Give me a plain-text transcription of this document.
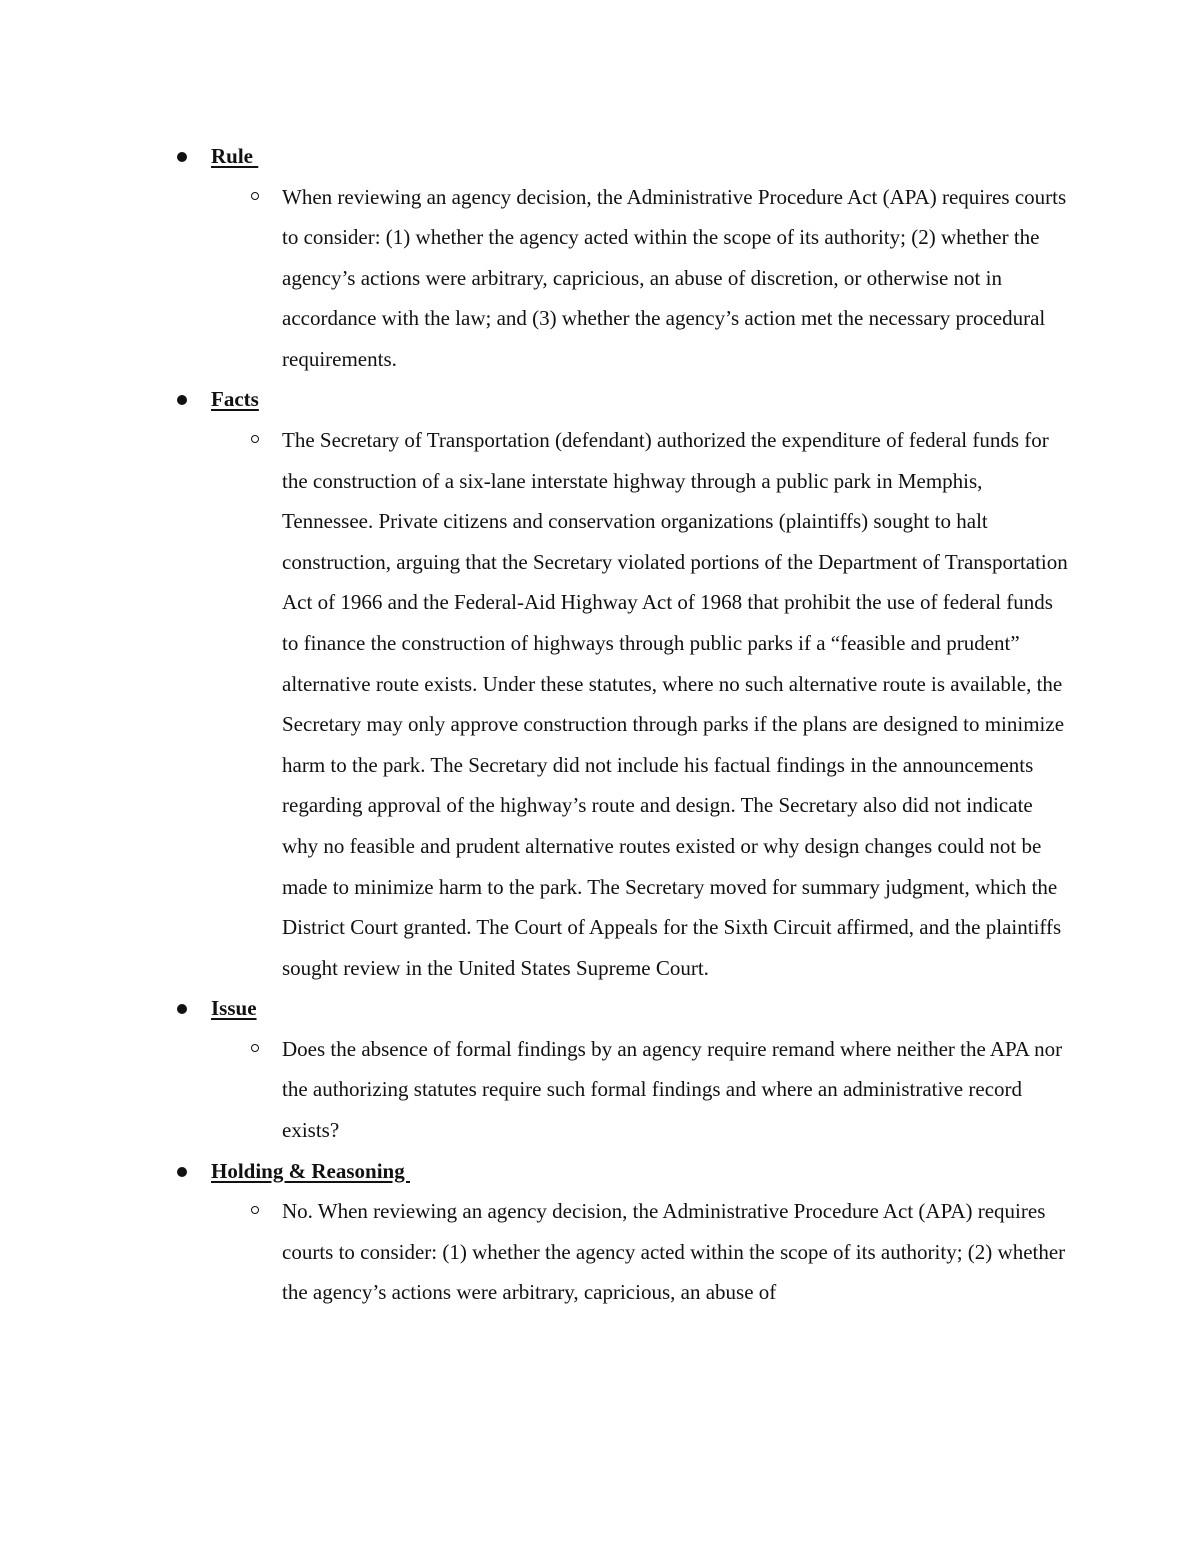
Rule

When reviewing an agency decision, the Administrative Procedure Act (APA) requires courts to consider: (1) whether the agency acted within the scope of its authority; (2) whether the agency’s actions were arbitrary, capricious, an abuse of discretion, or otherwise not in accordance with the law; and (3) whether the agency’s action met the necessary procedural requirements.

Facts

The Secretary of Transportation (defendant) authorized the expenditure of federal funds for the construction of a six-lane interstate highway through a public park in Memphis, Tennessee. Private citizens and conservation organizations (plaintiffs) sought to halt construction, arguing that the Secretary violated portions of the Department of Transportation Act of 1966 and the Federal-Aid Highway Act of 1968 that prohibit the use of federal funds to finance the construction of highways through public parks if a “feasible and prudent” alternative route exists. Under these statutes, where no such alternative route is available, the Secretary may only approve construction through parks if the plans are designed to minimize harm to the park. The Secretary did not include his factual findings in the announcements regarding approval of the highway’s route and design. The Secretary also did not indicate why no feasible and prudent alternative routes existed or why design changes could not be made to minimize harm to the park. The Secretary moved for summary judgment, which the District Court granted. The Court of Appeals for the Sixth Circuit affirmed, and the plaintiffs sought review in the United States Supreme Court.

Issue

Does the absence of formal findings by an agency require remand where neither the APA nor the authorizing statutes require such formal findings and where an administrative record exists?

Holding & Reasoning

No. When reviewing an agency decision, the Administrative Procedure Act (APA) requires courts to consider: (1) whether the agency acted within the scope of its authority; (2) whether the agency’s actions were arbitrary, capricious, an abuse of
